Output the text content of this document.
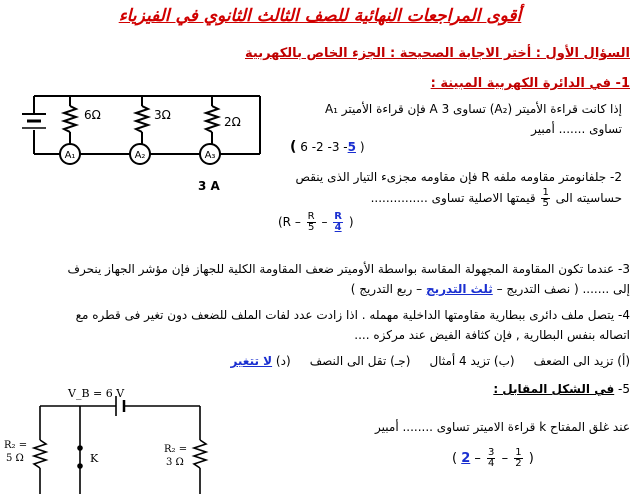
أقوى المراجعات النهائية للصف الثالث الثانوي في الفيزياء
السؤال الأول : أختر الاجابة الصحيحة : الجزء الخاص بالكهربية
1- في الدائرة الكهربية المبينة :
6Ω	3Ω	2Ω
A₁	A₂	A₃
3 A
إذا كانت قراءة الأميتر (A₂) تساوى A 3 فإن قراءة الأميتر A₁
تساوى ....... أمبير
( 6 -2 -3 -5 )
2- جلفانومتر مقاومه ملفه R فإن مقاومه مجزىء التيار الذى ينقص
حساسيته الى
$\frac{1}{5}$
قيمتها الاصلية تساوى ...............
($R - \frac{R}{5} - \frac{R}{4}$ )
3- عندما تكون المقاومة المجهولة المقاسة بواسطة الأوميتر ضعف المقاومة الكلية للجهاز فإن مؤشر الجهاز ينحرف
إلى ....... ( نصف التدريج – ثلث التدريج – ربع التدريج )
4- يتصل ملف دائرى ببطارية مقاومتها الداخلية مهمله . اذا زادت عدد لفات الملف للضعف دون تغير فى قطره مع
اتصاله بنفس البطارية , فإن كثافة الفيض عند مركزه ....
(أ) تزيد الى الضعف     (ب) تزيد 4 أمثال     (جـ) تقل الى النصف     (د) لا تتغير
5- في الشكل المقابل :
عند غلق المفتاح k قراءة الاميتر تساوى ........ أمبير
( $2 - \frac{3}{4} - \frac{1}{2}$ )
V_B = 6 V
R₂ =
5 Ω	K
R₂ =
3 Ω
